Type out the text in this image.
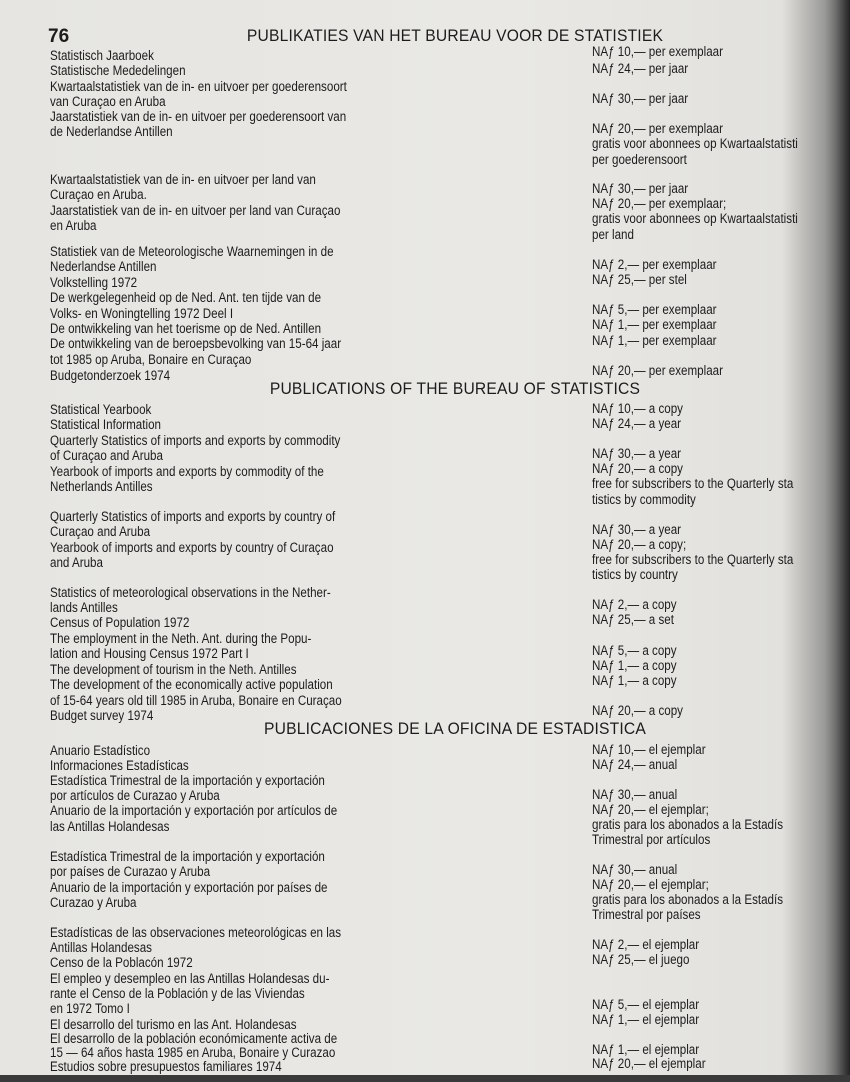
76	PUBLIKATIES VAN HET BUREAU VOOR DE STATISTIEK
Statistisch Jaarboek
Statistische Mededelingen
Kwartaalstatistiek van de in- en uitvoer per goederensoort
van Curaçao en Aruba
Jaarstatistiek van de in- en uitvoer per goederensoort van
de Nederlandse Antillen
Kwartaalstatistiek van de in- en uitvoer per land van
Curaçao en Aruba.
Jaarstatistiek van de in- en uitvoer per land van Curaçao
en Aruba
Statistiek van de Meteorologische Waarnemingen in de
Nederlandse Antillen
Volkstelling 1972
De werkgelegenheid op de Ned. Ant. ten tijde van de
Volks- en Woningtelling 1972 Deel I
De ontwikkeling van het toerisme op de Ned. Antillen
De ontwikkeling van de beroepsbevolking van 15-64 jaar
tot 1985 op Aruba, Bonaire en Curaçao
Budgetonderzoek 1974
NAƒ 10,— per exemplaar
NAƒ 24,— per jaar
NAƒ 30,— per jaar
NAƒ 20,— per exemplaar
gratis voor abonnees op Kwartaalstatisti
per goederensoort
NAƒ 30,— per jaar
NAƒ 20,— per exemplaar;
gratis voor abonnees op Kwartaalstatisti
per land
NAƒ 2,— per exemplaar
NAƒ 25,— per stel
NAƒ 5,— per exemplaar
NAƒ 1,— per exemplaar
NAƒ 1,— per exemplaar
NAƒ 20,— per exemplaar
PUBLICATIONS OF THE BUREAU OF STATISTICS
Statistical Yearbook
Statistical Information
Quarterly Statistics of imports and exports by commodity
of Curaçao and Aruba
Yearbook of imports and exports by commodity of the
Netherlands Antilles
Quarterly Statistics of imports and exports by country of
Curaçao and Aruba
Yearbook of imports and exports by country of Curaçao
and Aruba
Statistics of meteorological observations in the Nether-
lands Antilles
Census of Population 1972
The employment in the Neth. Ant. during the Popu-
lation and Housing Census 1972 Part I
The development of tourism in the Neth. Antilles
The development of the economically active population
of 15-64 years old till 1985 in Aruba, Bonaire en Curaçao
Budget survey 1974
NAƒ 10,— a copy
NAƒ 24,— a year
NAƒ 30,— a year
NAƒ 20,— a copy
free for subscribers to the Quarterly sta
tistics by commodity
NAƒ 30,— a year
NAƒ 20,— a copy;
free for subscribers to the Quarterly sta
tistics by country
NAƒ 2,— a copy
NAƒ 25,— a set
NAƒ 5,— a copy
NAƒ 1,— a copy
NAƒ 1,— a copy
NAƒ 20,— a copy
PUBLICACIONES DE LA OFICINA DE ESTADISTICA
Anuario Estadístico
Informaciones Estadísticas
Estadística Trimestral de la importación y exportación
por artículos de Curazao y Aruba
Anuario de la importación y exportación por artículos de
las Antillas Holandesas
Estadística Trimestral de la importación y exportación
por países de Curazao y Aruba
Anuario de la importación y exportación por países de
Curazao y Aruba
Estadísticas de las observaciones meteorológicas en las
Antillas Holandesas
Censo de la Poblacón 1972
El empleo y desempleo en las Antillas Holandesas du-
rante el Censo de la Población y de las Viviendas
en 1972 Tomo I
El desarrollo del turismo en las Ant. Holandesas
El desarrollo de la población económicamente activa de
15 — 64 años hasta 1985 en Aruba, Bonaire y Curazao
Estudios sobre presupuestos familiares 1974
NAƒ 10,— el ejemplar
NAƒ 24,— anual
NAƒ 30,— anual
NAƒ 20,— el ejemplar;
gratis para los abonados a la Estadís
Trimestral por artículos
NAƒ 30,— anual
NAƒ 20,— el ejemplar;
gratis para los abonados a la Estadís
Trimestral por países
NAƒ 2,— el ejemplar
NAƒ 25,— el juego
NAƒ 5,— el ejemplar
NAƒ 1,— el ejemplar
NAƒ 1,— el ejemplar
NAƒ 20,— el ejemplar
